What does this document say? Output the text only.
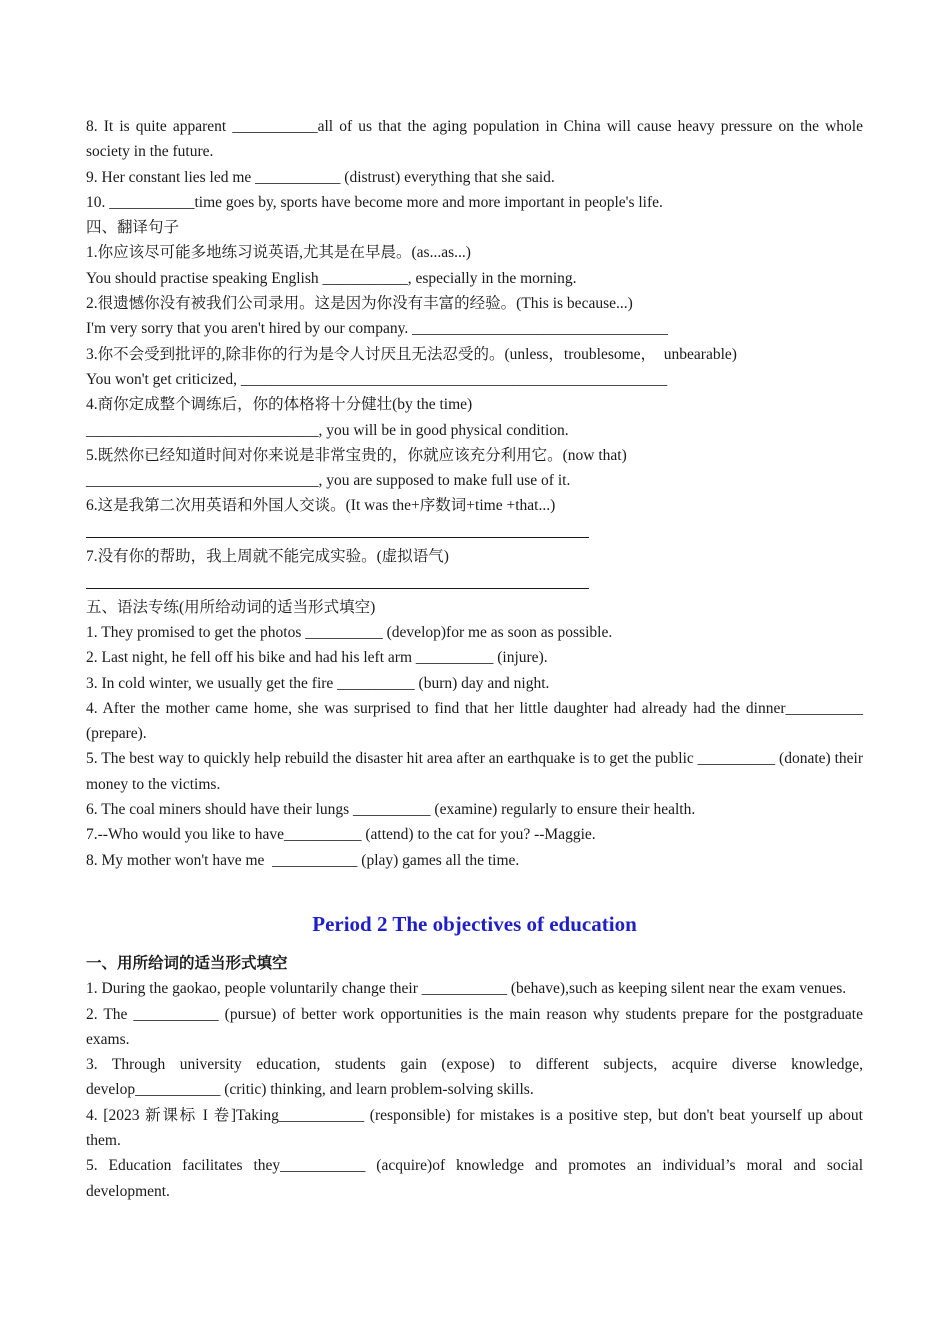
8. It is quite apparent ___________all of us that the aging population in China will cause heavy pressure on the whole society in the future.

9. Her constant lies led me ___________ (distrust) everything that she said.

10. ___________time goes by, sports have become more and more important in people's life.

四、翻译句子

1.你应该尽可能多地练习说英语,尤其是在早晨。(as...as...)

You should practise speaking English ___________, especially in the morning.

2.很遗憾你没有被我们公司录用。这是因为你没有丰富的经验。(This is because...)

I'm very sorry that you aren't hired by our company. _________________________________

3.你不会受到批评的,除非你的行为是令人讨厌且无法忍受的。(unless，troublesome，  unbearable)

You won't get criticized, _______________________________________________________

4.商你定成整个调练后，你的体格将十分健壮(by the time)

______________________________, you will be in good physical condition.

5.既然你已经知道时间对你来说是非常宝贵的，你就应该充分利用它。(now that)

______________________________, you are supposed to make full use of it.

6.这是我第二次用英语和外国人交谈。(It was the+序数词+time +that...)

7.没有你的帮助，我上周就不能完成实验。(虚拟语气)

五、语法专练(用所给动词的适当形式填空)

1. They promised to get the photos __________ (develop)for me as soon as possible.

2. Last night, he fell off his bike and had his left arm __________ (injure).

3. In cold winter, we usually get the fire __________ (burn) day and night.

4. After the mother came home, she was surprised to find that her little daughter had already had the dinner__________ (prepare).

5. The best way to quickly help rebuild the disaster hit area after an earthquake is to get the public __________ (donate) their money to the victims.

6. The coal miners should have their lungs __________ (examine) regularly to ensure their health.

7.--Who would you like to have__________ (attend) to the cat for you? --Maggie.

8. My mother won't have me  ___________ (play) games all the time.

Period 2 The objectives of education

一、用所给词的适当形式填空

1. During the gaokao, people voluntarily change their ___________ (behave),such as keeping silent near the exam venues.

2. The ___________ (pursue) of better work opportunities is the main reason why students prepare for the postgraduate exams.

3. Through university education, students gain (expose) to different subjects, acquire diverse knowledge, develop___________ (critic) thinking, and learn problem-solving skills.

4. [2023 新课标 I 卷]Taking___________ (responsible) for mistakes is a positive step, but don't beat yourself up about them.

5. Education facilitates they___________ (acquire)of knowledge and promotes an individual’s moral and social development.
